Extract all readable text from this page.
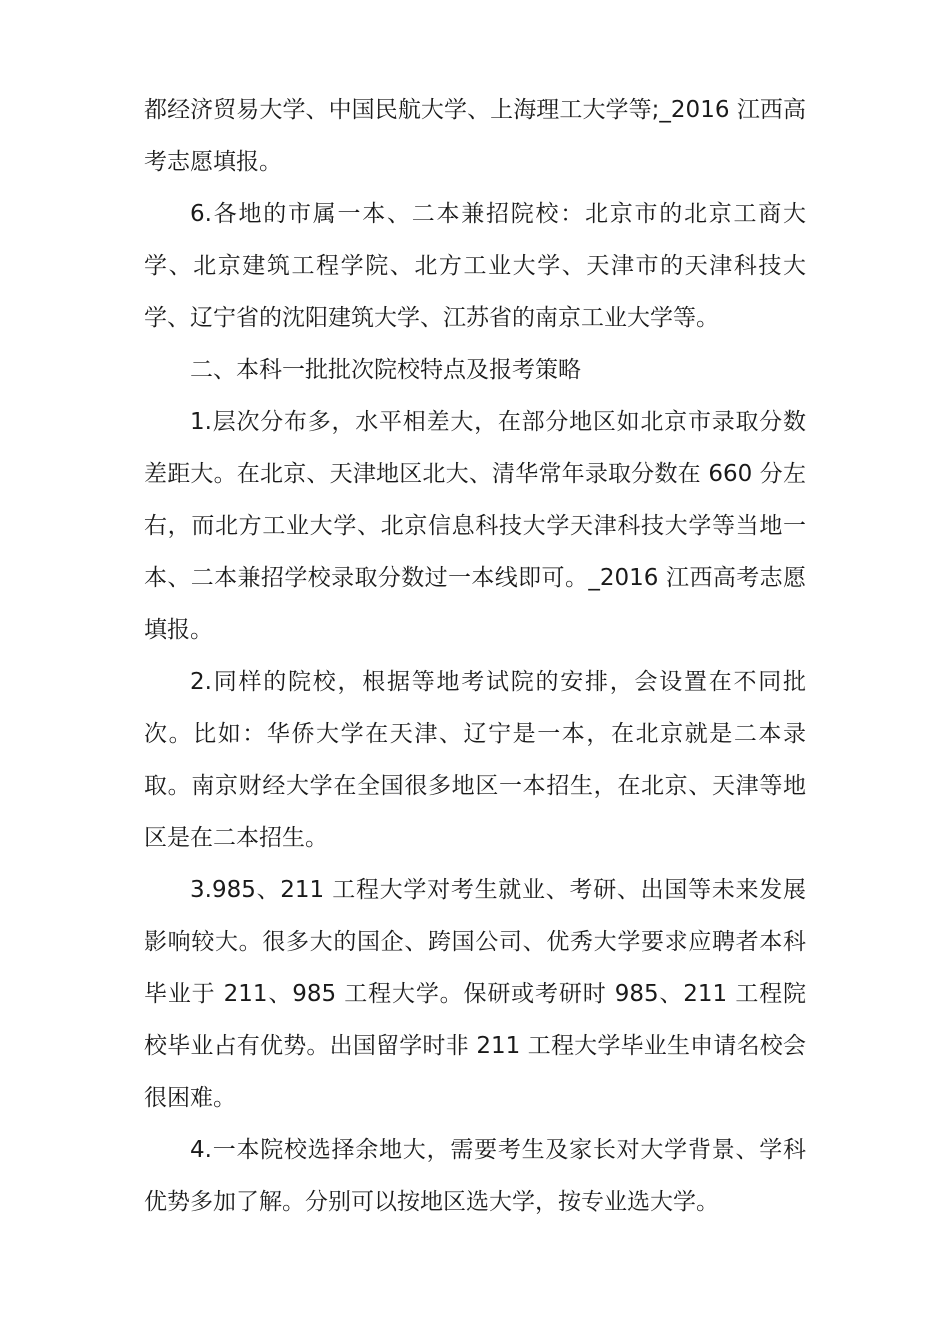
都经济贸易大学、中国民航大学、上海理工大学等;_2016 江西高考志愿填报。

6.各地的市属一本、二本兼招院校：北京市的北京工商大学、北京建筑工程学院、北方工业大学、天津市的天津科技大学、辽宁省的沈阳建筑大学、江苏省的南京工业大学等。

二、本科一批批次院校特点及报考策略

1.层次分布多，水平相差大，在部分地区如北京市录取分数差距大。在北京、天津地区北大、清华常年录取分数在 660 分左右，而北方工业大学、北京信息科技大学天津科技大学等当地一本、二本兼招学校录取分数过一本线即可。_2016 江西高考志愿填报。

2.同样的院校，根据等地考试院的安排，会设置在不同批次。比如：华侨大学在天津、辽宁是一本，在北京就是二本录取。南京财经大学在全国很多地区一本招生，在北京、天津等地区是在二本招生。

3.985、211 工程大学对考生就业、考研、出国等未来发展影响较大。很多大的国企、跨国公司、优秀大学要求应聘者本科毕业于 211、985 工程大学。保研或考研时 985、211 工程院校毕业占有优势。出国留学时非 211 工程大学毕业生申请名校会很困难。

4.一本院校选择余地大，需要考生及家长对大学背景、学科优势多加了解。分别可以按地区选大学，按专业选大学。
